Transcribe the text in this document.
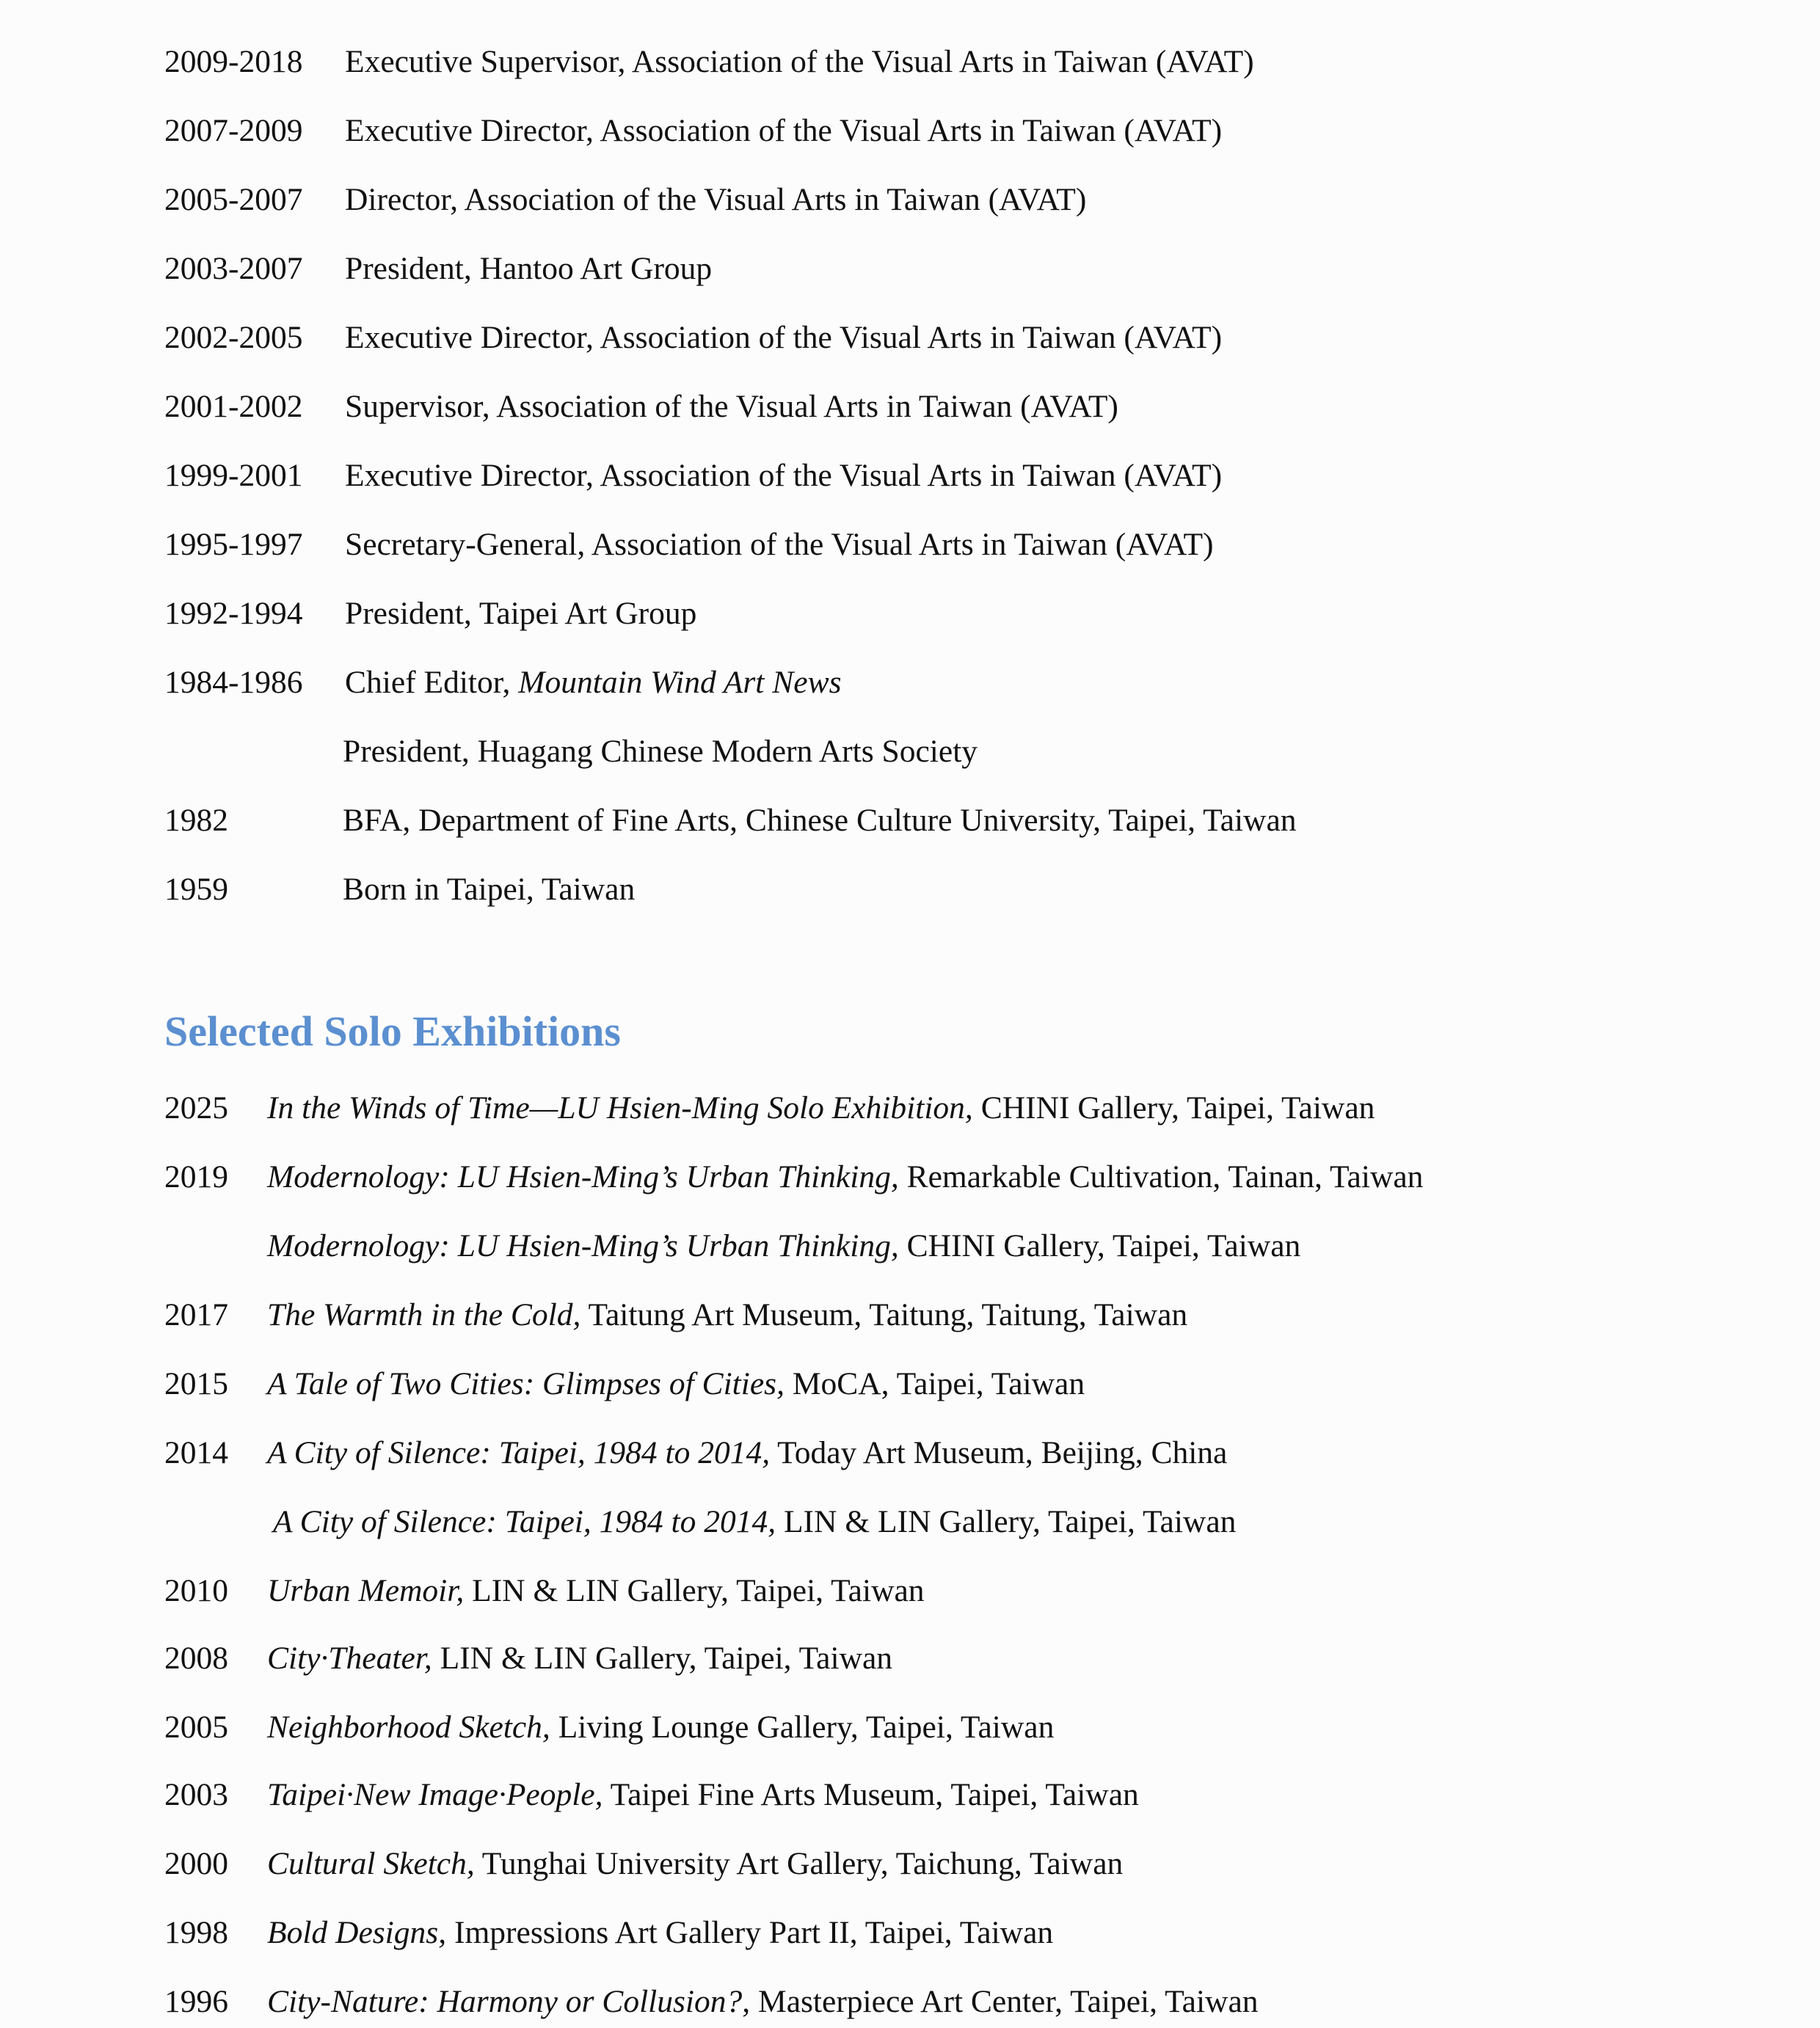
2009-2018 Executive Supervisor, Association of the Visual Arts in Taiwan (AVAT)
2007-2009 Executive Director, Association of the Visual Arts in Taiwan (AVAT)
2005-2007 Director, Association of the Visual Arts in Taiwan (AVAT)
2003-2007 President, Hantoo Art Group
2002-2005 Executive Director, Association of the Visual Arts in Taiwan (AVAT)
2001-2002 Supervisor, Association of the Visual Arts in Taiwan (AVAT)
1999-2001 Executive Director, Association of the Visual Arts in Taiwan (AVAT)
1995-1997 Secretary-General, Association of the Visual Arts in Taiwan (AVAT)
1992-1994 President, Taipei Art Group
1984-1986 Chief Editor, Mountain Wind Art News
President, Huagang Chinese Modern Arts Society
1982	BFA, Department of Fine Arts, Chinese Culture University, Taipei, Taiwan
1959	Born in Taipei, Taiwan
Selected Solo Exhibitions
2025 In the Winds of Time—LU Hsien-Ming Solo Exhibition, CHINI Gallery, Taipei, Taiwan
2019 Modernology: LU Hsien-Ming’s Urban Thinking, Remarkable Cultivation, Tainan, Taiwan
Modernology: LU Hsien-Ming’s Urban Thinking, CHINI Gallery, Taipei, Taiwan
2017 The Warmth in the Cold, Taitung Art Museum, Taitung, Taitung, Taiwan
2015 A Tale of Two Cities: Glimpses of Cities, MoCA, Taipei, Taiwan
2014 A City of Silence: Taipei, 1984 to 2014, Today Art Museum, Beijing, China
A City of Silence: Taipei, 1984 to 2014, LIN & LIN Gallery, Taipei, Taiwan
2010 Urban Memoir, LIN & LIN Gallery, Taipei, Taiwan
2008 City·Theater, LIN & LIN Gallery, Taipei, Taiwan
2005 Neighborhood Sketch, Living Lounge Gallery, Taipei, Taiwan
2003 Taipei·New Image·People, Taipei Fine Arts Museum, Taipei, Taiwan
2000 Cultural Sketch, Tunghai University Art Gallery, Taichung, Taiwan
1998 Bold Designs, Impressions Art Gallery Part II, Taipei, Taiwan
1996 City-Nature: Harmony or Collusion?, Masterpiece Art Center, Taipei, Taiwan
